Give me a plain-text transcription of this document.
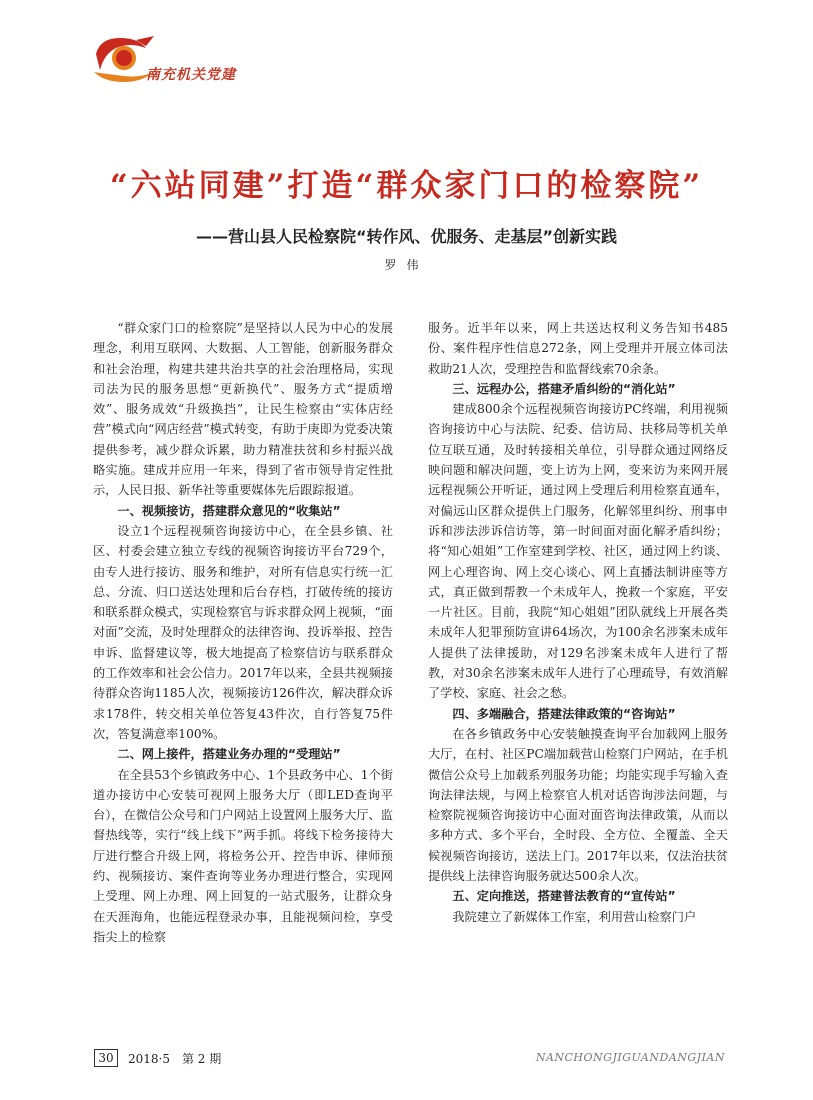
南充机关党建
“六站同建”打造“群众家门口的检察院”
——营山县人民检察院“转作风、优服务、走基层”创新实践
罗伟

“群众家门口的检察院”是坚持以人民为中心的发展理念，利用互联网、大数据、人工智能，创新服务群众和社会治理，构建共建共治共享的社会治理格局，实现司法为民的服务思想“更新换代”、服务方式“提质增效”、服务成效“升级换挡”，让民生检察由“实体店经营”模式向“网店经营”模式转变，有助于庚即为党委决策提供参考，减少群众诉累，助力精准扶贫和乡村振兴战略实施。建成并应用一年来，得到了省市领导肯定性批示，人民日报、新华社等重要媒体先后跟踪报道。

一、视频接访，搭建群众意见的“收集站”

设立1个远程视频咨询接访中心，在全县乡镇、社区、村委会建立独立专线的视频咨询接访平台729个，由专人进行接访、服务和维护，对所有信息实行统一汇总、分流、归口送达处理和后台存档，打破传统的接访和联系群众模式，实现检察官与诉求群众网上视频，“面对面”交流，及时处理群众的法律咨询、投诉举报、控告申诉、监督建议等，极大地提高了检察信访与联系群众的工作效率和社会公信力。2017年以来，全县共视频接待群众咨询1185人次，视频接访126件次，解决群众诉求178件，转交相关单位答复43件次，自行答复75件次，答复满意率100%。

二、网上接件，搭建业务办理的“受理站”

在全县53个乡镇政务中心、1个县政务中心、1个街道办接访中心安装可视网上服务大厅（即LED查询平台），在微信公众号和门户网站上设置网上服务大厅、监督热线等，实行“线上线下”两手抓。将线下检务接待大厅进行整合升级上网，将检务公开、控告申诉、律师预约、视频接访、案件查询等业务办理进行整合，实现网上受理、网上办理、网上回复的一站式服务，让群众身在天涯海角，也能远程登录办事，且能视频问检，享受指尖上的检察

服务。近半年以来，网上共送达权利义务告知书485份、案件程序性信息272条，网上受理并开展立体司法救助21人次，受理控告和监督线索70余条。

三、远程办公，搭建矛盾纠纷的“消化站”

建成800余个远程视频咨询接访PC终端，利用视频咨询接访中心与法院、纪委、信访局、扶移局等机关单位互联互通，及时转接相关单位，引导群众通过网络反映问题和解决问题，变上访为上网，变来访为来网开展远程视频公开听证，通过网上受理后利用检察直通车，对偏远山区群众提供上门服务，化解邻里纠纷、刑事申诉和涉法涉诉信访等，第一时间面对面化解矛盾纠纷；将“知心姐姐”工作室建到学校、社区，通过网上约谈、网上心理咨询、网上交心谈心、网上直播法制讲座等方式，真正做到帮教一个未成年人，挽救一个家庭，平安一片社区。目前，我院“知心姐姐”团队就线上开展各类未成年人犯罪预防宣讲64场次，为100余名涉案未成年人提供了法律援助，对129名涉案未成年人进行了帮教，对30余名涉案未成年人进行了心理疏导，有效消解了学校、家庭、社会之愁。

四、多端融合，搭建法律政策的“咨询站”

在各乡镇政务中心安装触摸查询平台加载网上服务大厅，在村、社区PC端加载营山检察门户网站，在手机微信公众号上加载系列服务功能；均能实现手写输入查询法律法规，与网上检察官人机对话咨询涉法问题，与检察院视频咨询接访中心面对面咨询法律政策，从而以多种方式、多个平台，全时段、全方位、全覆盖、全天候视频咨询接访，送法上门。2017年以来，仅法治扶贫提供线上法律咨询服务就达500余人次。

五、定向推送，搭建普法教育的“宣传站”

我院建立了新媒体工作室，利用营山检察门户

30	2018·5　第 2 期	NANCHONGJIGUANDANGJIAN
